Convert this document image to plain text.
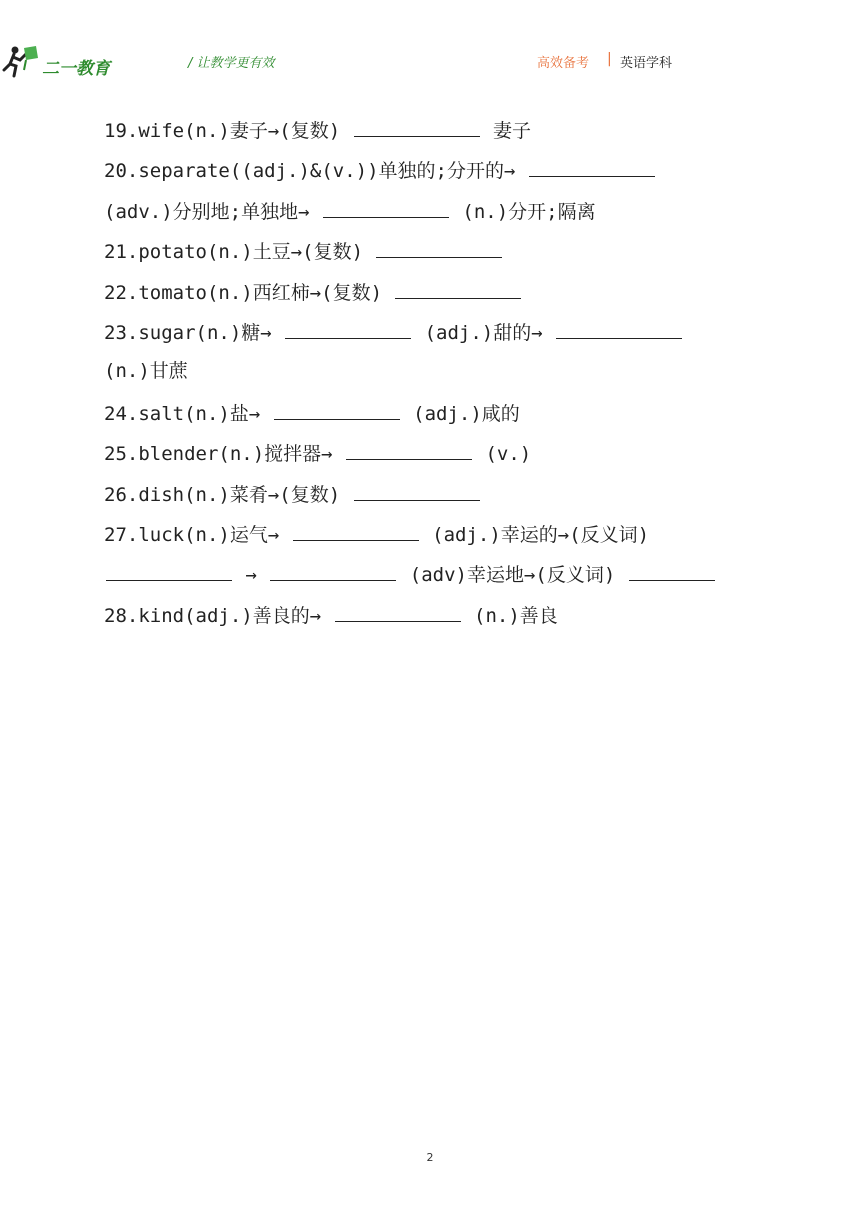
二一教育	/ 让教学更有效	高效备考 | 英语学科
19.wife(n.)妻子→(复数)	妻子
20.separate((adj.)&(v.))单独的;分开的→
(adv.)分别地;单独地→	(n.)分开;隔离
21.potato(n.)土豆→(复数)
22.tomato(n.)西红柿→(复数)
23.sugar(n.)糖→	(adj.)甜的→
(n.)甘蔗
24.salt(n.)盐→	(adj.)咸的
25.blender(n.)搅拌器→	(v.)
26.dish(n.)菜肴→(复数)
27.luck(n.)运气→	(adj.)幸运的→(反义词)
→	(adv)幸运地→(反义词)
28.kind(adj.)善良的→	(n.)善良
2
